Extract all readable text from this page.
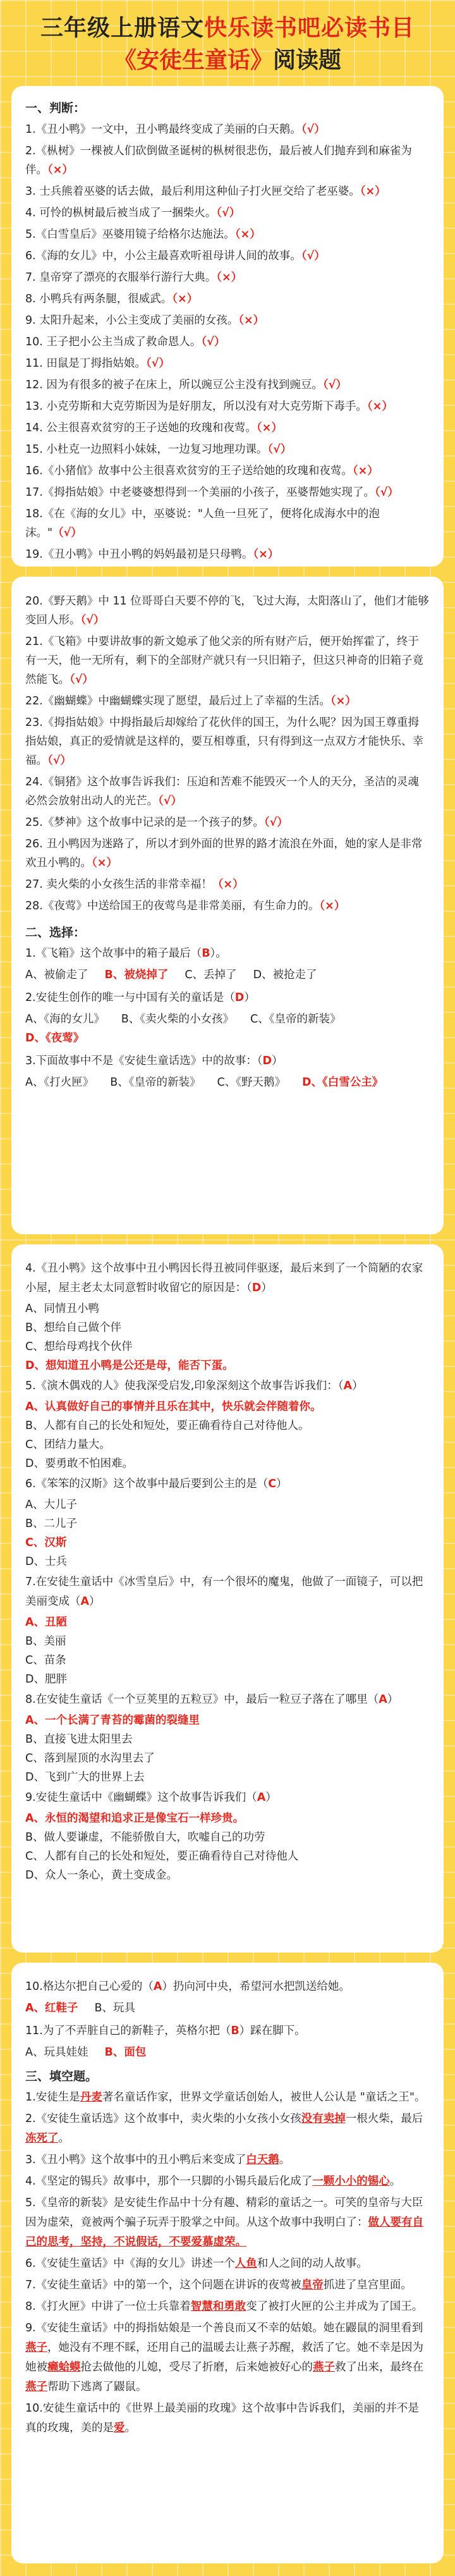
三年级上册语文快乐读书吧必读书目
《安徒生童话》阅读题
一、判断：
1.《丑小鸭》一文中，丑小鸭最终变成了美丽的白天鹅。（√）
2.《枞树》一棵被人们砍倒做圣诞树的枞树很悲伤，最后被人们抛弃到和麻雀为伴。（×）
3. 士兵熊着巫婆的话去做，最后利用这种仙子打火匣交给了老巫婆。（×）
4. 可怜的枞树最后被当成了一捆柴火。（√）
5.《白雪皇后》巫婆用镜子给格尔达施法。（×）
6.《海的女儿》中，小公主最喜欢听祖母讲人间的故事。（√）
7. 皇帝穿了漂亮的衣服举行游行大典。（×）
8. 小鸭兵有两条腿，很威武。（×）
9. 太阳升起来，小公主变成了美丽的女孩。（×）
10. 王子把小公主当成了救命恩人。（√）
11. 田鼠是丁拇指姑娘。（√）
12. 因为有很多的被子在床上，所以豌豆公主没有找到豌豆。（√）
13. 小克劳斯和大克劳斯因为是好朋友，所以没有对大克劳斯下毒手。（×）
14. 公主很喜欢贫穷的王子送她的玫瑰和夜莺。（×）
15. 小杜克一边照料小妹妹，一边复习地理功课。（√）
16.《小猪倌》故事中公主很喜欢贫穷的王子送给她的玫瑰和夜莺。（×）
17.《拇指姑娘》中老婆婆想得到一个美丽的小孩子，巫婆帮她实现了。（√）
18.《在《海的女儿》中，巫婆说："人鱼一旦死了，便将化成海水中的泡沫。"（√）
19.《丑小鸭》中丑小鸭的妈妈最初是只母鸭。（×）
20.《野天鹅》中 11 位哥哥白天要不停的飞，飞过大海，太阳落山了，他们才能够变回人形。（√）
21.《飞箱》中要讲故事的新文媳承了他父亲的所有财产后，便开始挥霍了，终于有一天，他一无所有，剩下的全部财产就只有一只旧箱子，但这只神奇的旧箱子竟然能飞。（√）
22.《幽蝴蝶》中幽蝴蝶实现了愿望，最后过上了幸福的生活。（×）
23.《拇指姑娘》中拇指最后却嫁给了花伙伴的国王，为什么呢？因为国王尊重拇指姑娘，真正的爱情就是这样的，要互相尊重，只有得到这一点双方才能快乐、幸福。（√）
24.《铜猪》这个故事告诉我们：压迫和苦难不能毁灭一个人的天分，圣洁的灵魂必然会放射出动人的光芒。（√）
25.《梦神》这个故事中记录的是一个孩子的梦。（√）
26. 丑小鸭因为迷路了，所以才到外面的世界的路才流浪在外面，她的家人是非常欢丑小鸭的。（×）
27. 卖火柴的小女孩生活的非常幸福！（×）
28.《夜莺》中送给国王的夜莺鸟是非常美丽，有生命力的。（×）
二、选择：
1.《飞箱》这个故事中的箱子最后（B）。
A、被偷走了 B、被烧掉了 C、丢掉了 D、被抢走了
2.安徒生创作的唯一与中国有关的童话是（D）
A、《海的女儿》 B、《卖火柴的小女孩》 C、《皇帝的新装》D、《夜莺》
3.下面故事中不是《安徒生童话选》中的故事：（D）
A、《打火匣》 B、《皇帝的新装》 C、《野天鹅》 D、《白雪公主》
4.《丑小鸭》这个故事中丑小鸭因长得丑被同伴驱逐，最后来到了一个简陋的农家小屋，屋主老太太同意暂时收留它的原因是：（D）
A、同情丑小鸭
B、想给自己做个伴
C、想给母鸡找个伙伴
D、想知道丑小鸭是公还是母，能否下蛋。
5.《演木偶戏的人》使我深受启发,印象深刻这个故事告诉我们：（A）
A、认真做好自己的事情并且乐在其中，快乐就会伴随着你。
B、人都有自己的长处和短处，要正确看待自己对待他人。
C、团结力量大。
D、要勇敢不怕困难。
6.《笨笨的汉斯》这个故事中最后要到公主的是（C）
A、大儿子
B、二儿子
C、汉斯
D、士兵
7.在安徒生童话中《冰雪皇后》中，有一个很坏的魔鬼，他做了一面镜子，可以把美丽变成（A）
A、丑陋
B、美丽
C、苗条
D、肥胖
8.在安徒生童话《一个豆荚里的五粒豆》中，最后一粒豆子落在了哪里（A）
A、一个长满了青苔的霉菌的裂缝里
B、直接飞进太阳里去
C、落到屋顶的水沟里去了
D、飞到广大的世界上去
9.安徒生童话中《幽蝴蝶》这个故事告诉我们（A）
A、永恒的渴望和追求正是像宝石一样珍贵。
B、做人要谦虚，不能骄傲自大，吹嘘自己的功劳
C、人都有自己的长处和短处，要正确看待自己对待他人
D、众人一条心，黄土变成金。
10.格达尔把自己心爱的（A）扔向河中央，希望河水把凯送给她。
A、红鞋子 B、玩具
11.为了不弄脏自己的新鞋子，英格尔把（B）踩在脚下。
A、玩具娃娃 B、面包
三、填空题。
1.安徒生是丹麦著名童话作家，世界文学童话创始人，被世人公认是 "童话之王"。
2.《安徒生童话选》这个故事中，卖火柴的小女孩小女孩没有卖掉一根火柴，最后冻死了。
3.《丑小鸭》这个故事中的丑小鸭后来变成了白天鹅。
4.《坚定的锡兵》故事中，那个一只脚的小锡兵最后化成了一颗小小的锡心。
5.《皇帝的新装》是安徒生作品中十分有趣、精彩的童话之一。可笑的皇帝与大臣因为虚荣，竟被两个骗子玩弄于股掌之中间。从这个故事中我明白了：做人要有自己的思考，坚持，不说假话，不要爱慕虚荣。
6.《安徒生童话》中《海的女儿》讲述一个人鱼和人之间的动人故事。
7.《安徒生童话》中的第一个，这个问题在讲诉的夜莺被皇帝抓进了皇宫里面。
8.《打火匣》中讲了一位士兵靠着智慧和勇敢变了被打火匣的公主并成为了国王。
9.《安徒生童话》中的拇指姑娘是一个善良而又不幸的姑娘。她在鼹鼠的洞里看到燕子，她没有不理不睬，还用自己的温暖去让燕子苏醒，救活了它。她不幸是因为她被癞蛤蟆抢去做他的儿媳，受尽了折磨，后来她被好心的燕子救了出来，最终在燕子帮助下逃离了鼹鼠。
10.安徒生童话中的《世界上最美丽的玫瑰》这个故事中告诉我们，美丽的并不是真的玫瑰，美的是爱。
